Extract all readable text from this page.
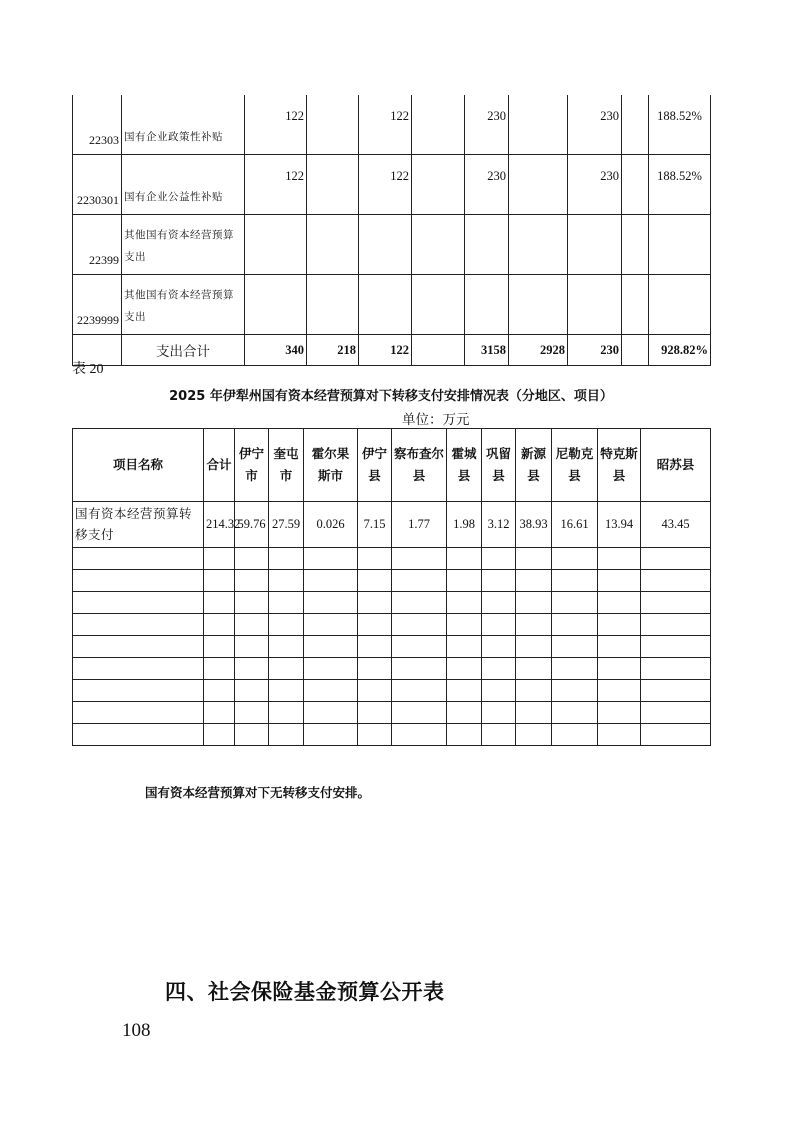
22303	国有企业政策性补贴	122		122		230		230		188.52%
2230301	国有企业公益性补贴	122		122		230		230		188.52%
22399	其他国有资本经营预算支出									
2239999	其他国有资本经营预算支出									
	支出合计	340	218	122		3158	2928	230		928.82%
表 20
2025 年伊犁州国有资本经营预算对下转移支付安排情况表（分地区、项目）
单位：万元
项目名称	合计	伊宁市	奎屯市	霍尔果斯市	伊宁县	察布查尔县	霍城县	巩留县	新源县	尼勒克县	特克斯县	昭苏县
国有资本经营预算转移支付	214.32	59.76	27.59	0.026	7.15	1.77	1.98	3.12	38.93	16.61	13.94	43.45

国有资本经营预算对下无转移支付安排。
四、社会保险基金预算公开表
108
